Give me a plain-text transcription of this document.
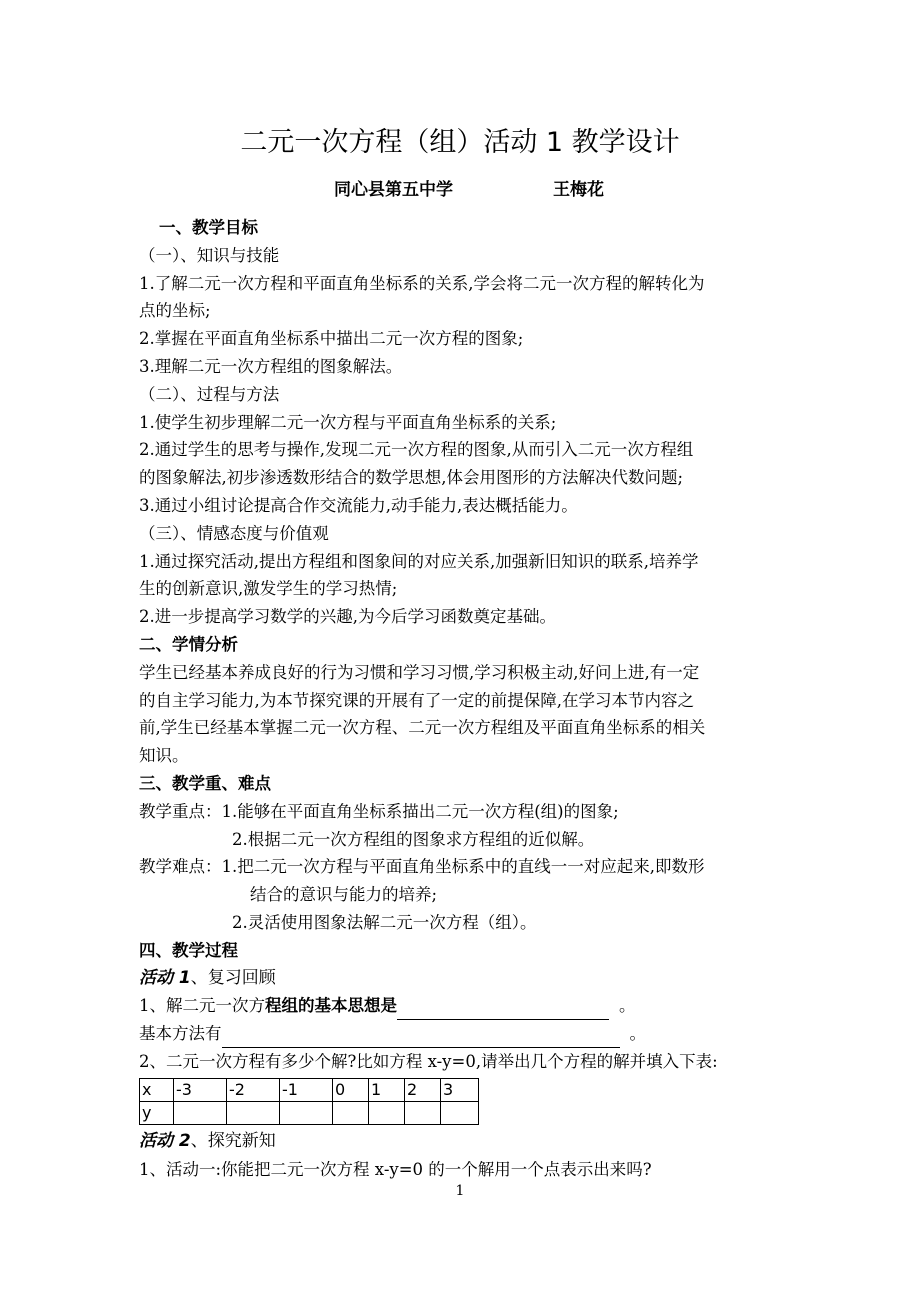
二元一次方程（组）活动 1 教学设计
同心县第五中学	王梅花
一、教学目标
（一）、知识与技能
1.了解二元一次方程和平面直角坐标系的关系,学会将二元一次方程的解转化为
点的坐标;
2.掌握在平面直角坐标系中描出二元一次方程的图象;
3.理解二元一次方程组的图象解法。
（二）、过程与方法
1.使学生初步理解二元一次方程与平面直角坐标系的关系;
2.通过学生的思考与操作,发现二元一次方程的图象,从而引入二元一次方程组
的图象解法,初步渗透数形结合的数学思想,体会用图形的方法解决代数问题;
3.通过小组讨论提高合作交流能力,动手能力,表达概括能力。
（三）、情感态度与价值观
1.通过探究活动,提出方程组和图象间的对应关系,加强新旧知识的联系,培养学
生的创新意识,激发学生的学习热情;
2.进一步提高学习数学的兴趣,为今后学习函数奠定基础。
二、学情分析
学生已经基本养成良好的行为习惯和学习习惯,学习积极主动,好问上进,有一定
的自主学习能力,为本节探究课的开展有了一定的前提保障,在学习本节内容之
前,学生已经基本掌握二元一次方程、二元一次方程组及平面直角坐标系的相关
知识。
三、教学重、难点
教学重点：1.能够在平面直角坐标系描出二元一次方程(组)的图象;
2.根据二元一次方程组的图象求方程组的近似解。
教学难点：1.把二元一次方程与平面直角坐标系中的直线一一对应起来,即数形
结合的意识与能力的培养;
2.灵活使用图象法解二元一次方程（组）。
四、教学过程
活动 1、复习回顾
1、解二元一次方程组的基本思想是	。
基本方法有	。
2、二元一次方程有多少个解?比如方程 x-y=0,请举出几个方程的解并填入下表:
x	-3	-2	-1	0	1	2	3
y							
活动 2、探究新知
1、活动一:你能把二元一次方程 x-y=0 的一个解用一个点表示出来吗?
1
